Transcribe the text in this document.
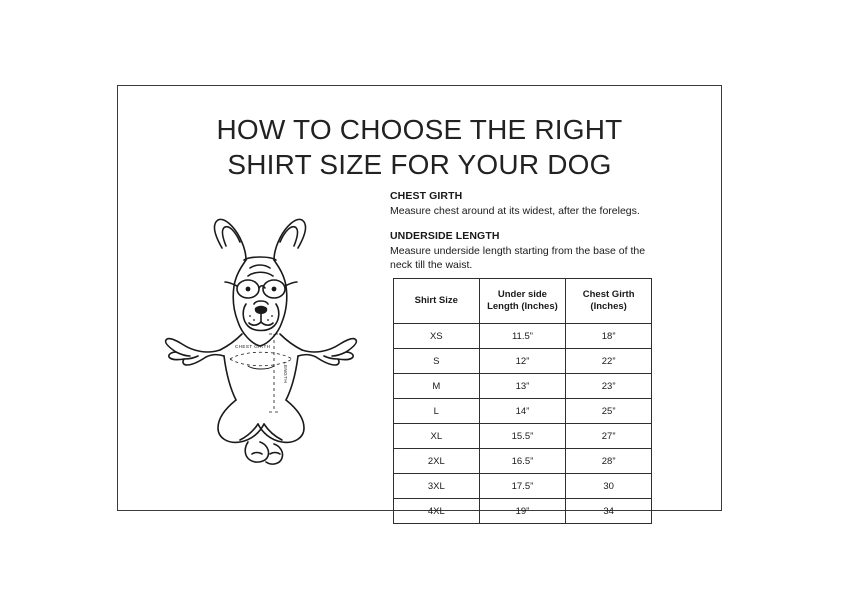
HOW TO CHOOSE THE RIGHT
SHIRT SIZE FOR YOUR DOG

CHEST GIRTH

Measure chest around at its widest, after the forelegs.

UNDERSIDE LENGTH

Measure underside length starting from the base of the neck till the waist.

CHEST GIRTH
LENGTH
Shirt Size	Under side Length (Inches)	Chest Girth (Inches)
XS	11.5”	18”
S	12”	22”
M	13”	23”
L	14”	25”
XL	15.5”	27”
2XL	16.5”	28”
3XL	17.5”	30
4XL	19”	34
